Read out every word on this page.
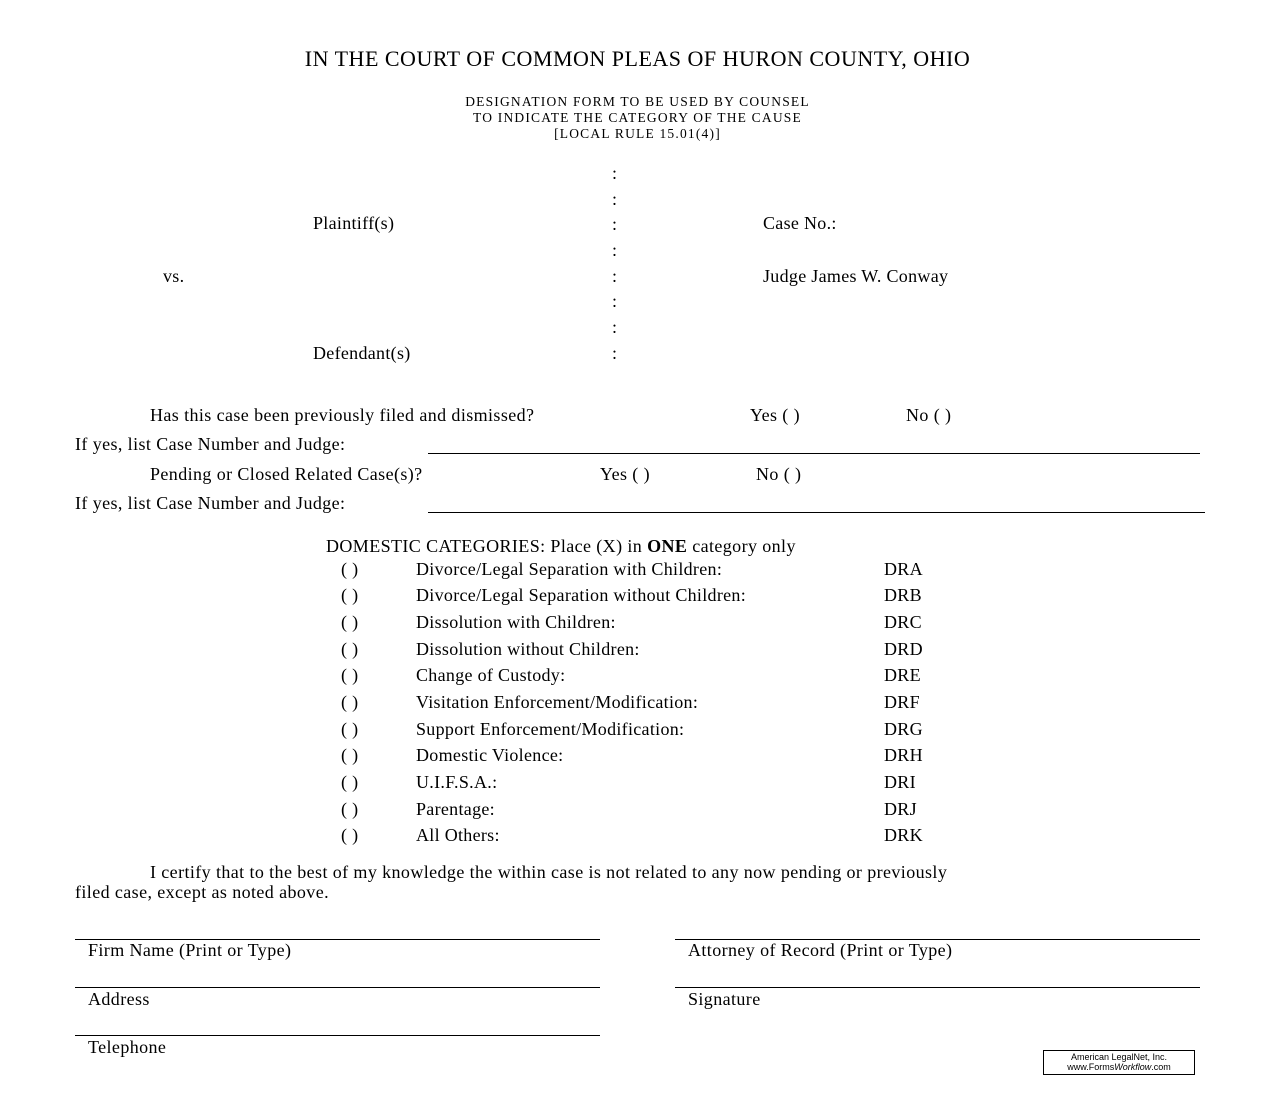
IN THE COURT OF COMMON PLEAS OF HURON COUNTY, OHIO
DESIGNATION FORM TO BE USED BY COUNSEL
TO INDICATE THE CATEGORY OF THE CAUSE
[LOCAL RULE 15.01(4)]
:
:
:
:
:
:
:
:
Plaintiff(s)
vs.
Defendant(s)
Case No.:
Judge James W. Conway
Has this case been previously filed and dismissed?	Yes ( )	No ( )
If yes, list Case Number and Judge:
Pending or Closed Related Case(s)?	Yes ( )	No ( )
If yes, list Case Number and Judge:
DOMESTIC CATEGORIES: Place (X) in ONE category only
( )	Divorce/Legal Separation with Children:	DRA
( )	Divorce/Legal Separation without Children:	DRB
( )	Dissolution with Children:	DRC
( )	Dissolution without Children:	DRD
( )	Change of Custody:	DRE
( )	Visitation Enforcement/Modification:	DRF
( )	Support Enforcement/Modification:	DRG
( )	Domestic Violence:	DRH
( )	U.I.F.S.A.:	DRI
( )	Parentage:	DRJ
( )	All Others:	DRK
I certify that to the best of my knowledge the within case is not related to any now pending or previously
filed case, except as noted above.
Firm Name (Print or Type)	Attorney of Record (Print or Type)
Address	Signature
Telephone	American LegalNet, Inc.
www.FormsWorkflow.com
